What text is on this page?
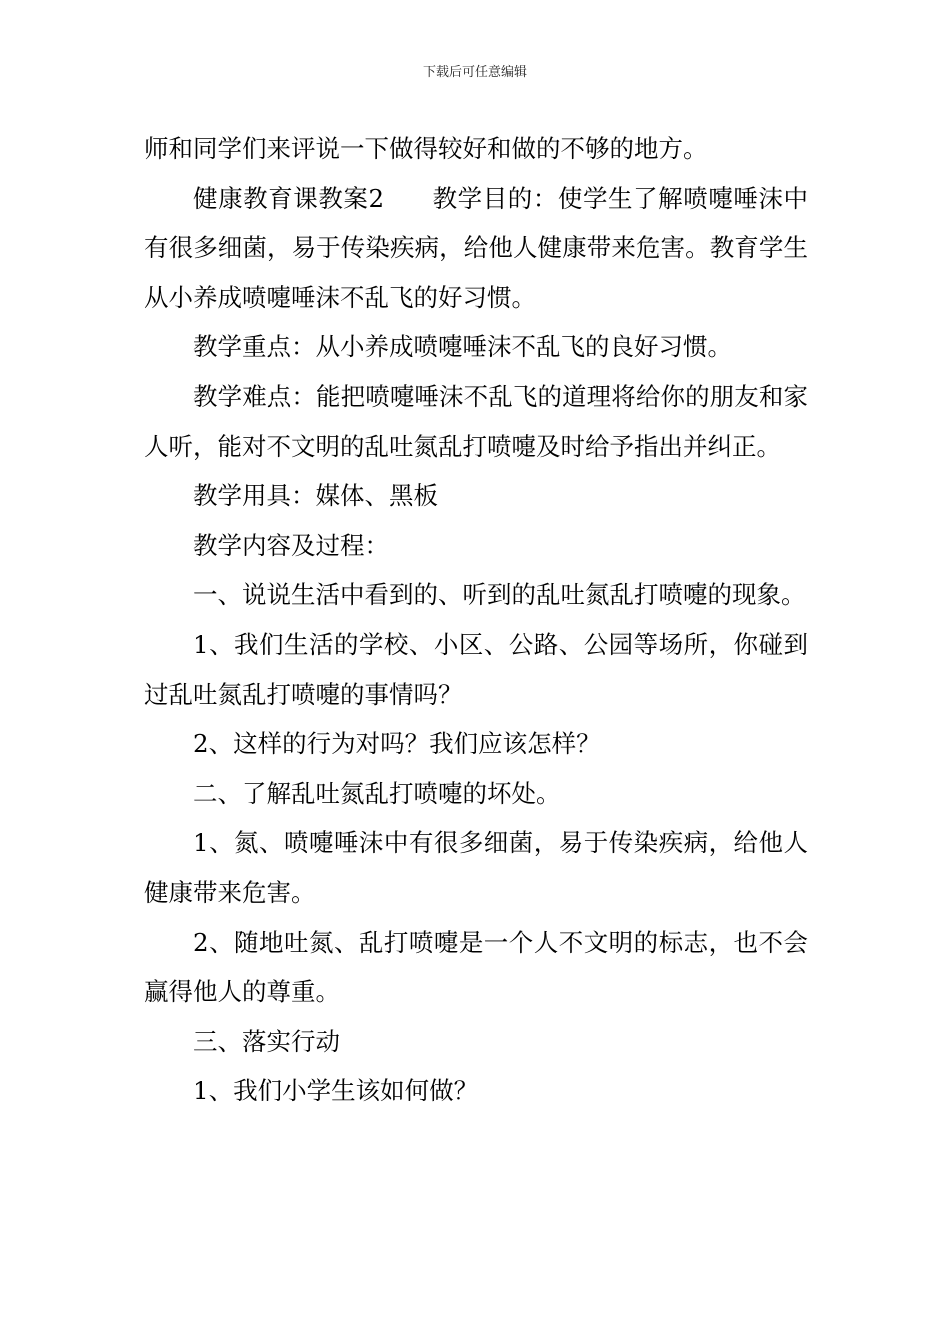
下载后可任意编辑

师和同学们来评说一下做得较好和做的不够的地方。

健康教育课教案2 教学目的：使学生了解喷嚏唾沫中有很多细菌，易于传染疾病，给他人健康带来危害。教育学生从小养成喷嚏唾沫不乱飞的好习惯。

教学重点：从小养成喷嚏唾沫不乱飞的良好习惯。

教学难点：能把喷嚏唾沫不乱飞的道理将给你的朋友和家人听，能对不文明的乱吐氮乱打喷嚏及时给予指出并纠正。

教学用具：媒体、黑板

教学内容及过程：

一、说说生活中看到的、听到的乱吐氮乱打喷嚏的现象。

1、我们生活的学校、小区、公路、公园等场所，你碰到过乱吐氮乱打喷嚏的事情吗？

2、这样的行为对吗？我们应该怎样？

二、了解乱吐氮乱打喷嚏的坏处。

1、氮、喷嚏唾沫中有很多细菌，易于传染疾病，给他人健康带来危害。

2、随地吐氮、乱打喷嚏是一个人不文明的标志，也不会赢得他人的尊重。

三、落实行动

1、我们小学生该如何做？
